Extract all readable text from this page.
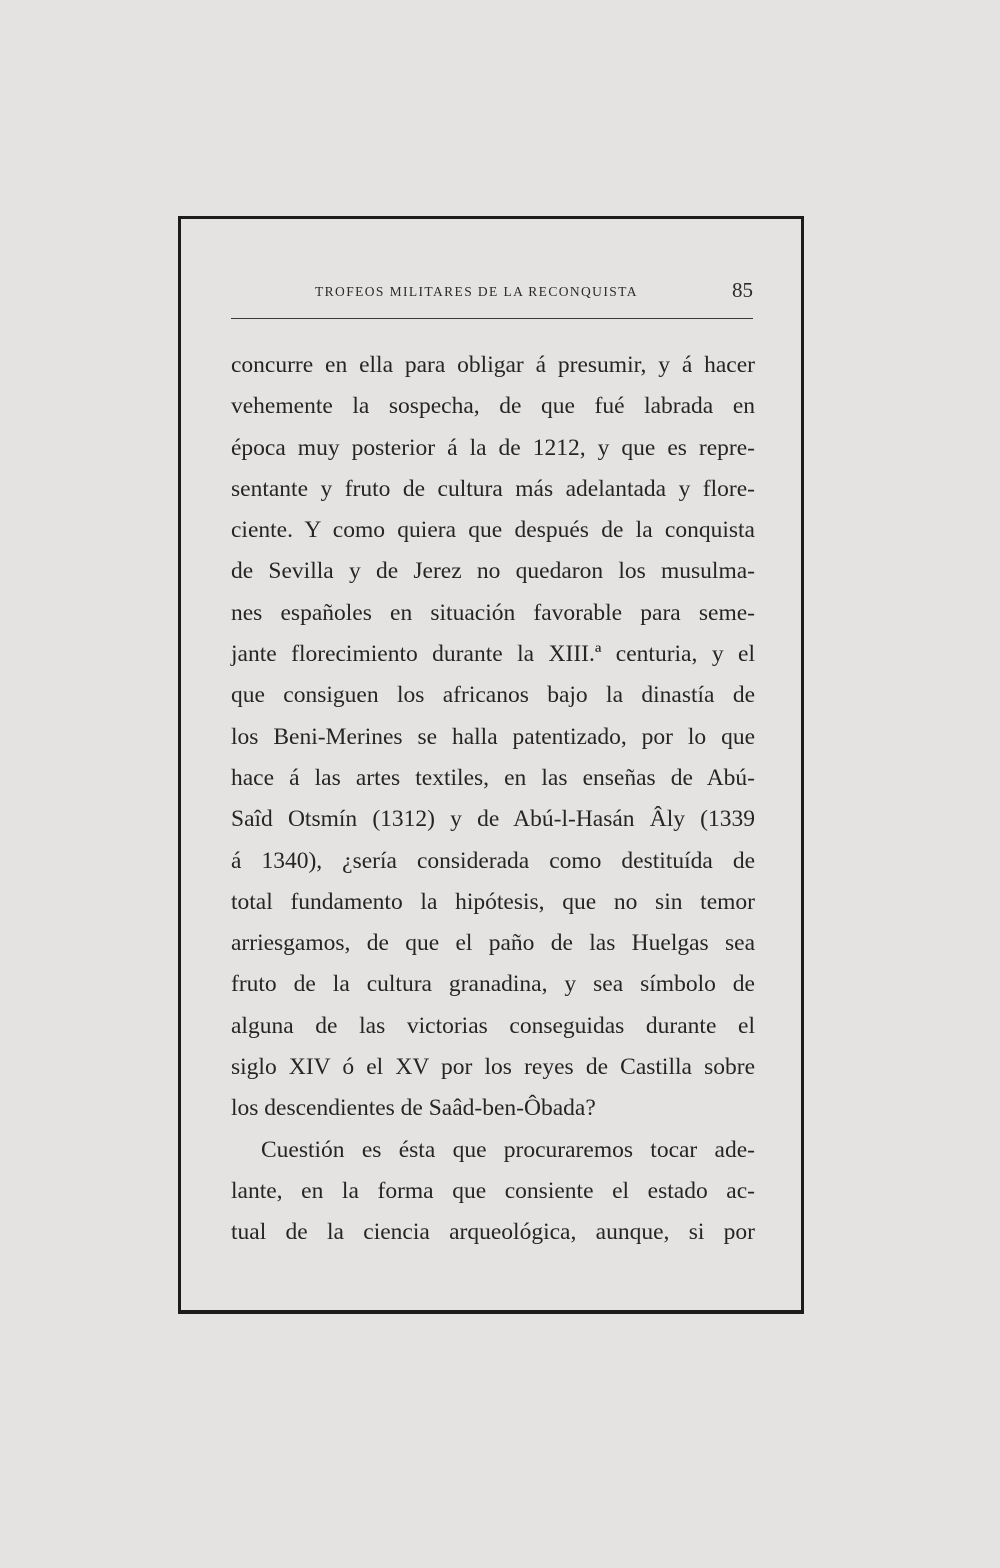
TROFEOS MILITARES DE LA RECONQUISTA	85
concurre en ella para obligar á presumir, y á hacer
vehemente la sospecha, de que fué labrada en
época muy posterior á la de 1212, y que es repre-
sentante y fruto de cultura más adelantada y flore-
ciente. Y como quiera que después de la conquista
de Sevilla y de Jerez no quedaron los musulma-
nes españoles en situación favorable para seme-
jante florecimiento durante la XIII.ª centuria, y el
que consiguen los africanos bajo la dinastía de
los Beni-Merines se halla patentizado, por lo que
hace á las artes textiles, en las enseñas de Abú-
Saîd Otsmín (1312) y de Abú-l-Hasán Âly (1339
á 1340), ¿sería considerada como destituída de
total fundamento la hipótesis, que no sin temor
arriesgamos, de que el paño de las Huelgas sea
fruto de la cultura granadina, y sea símbolo de
alguna de las victorias conseguidas durante el
siglo XIV ó el XV por los reyes de Castilla sobre
los descendientes de Saâd-ben-Ôbada?
Cuestión es ésta que procuraremos tocar ade-
lante, en la forma que consiente el estado ac-
tual de la ciencia arqueológica, aunque, si por
